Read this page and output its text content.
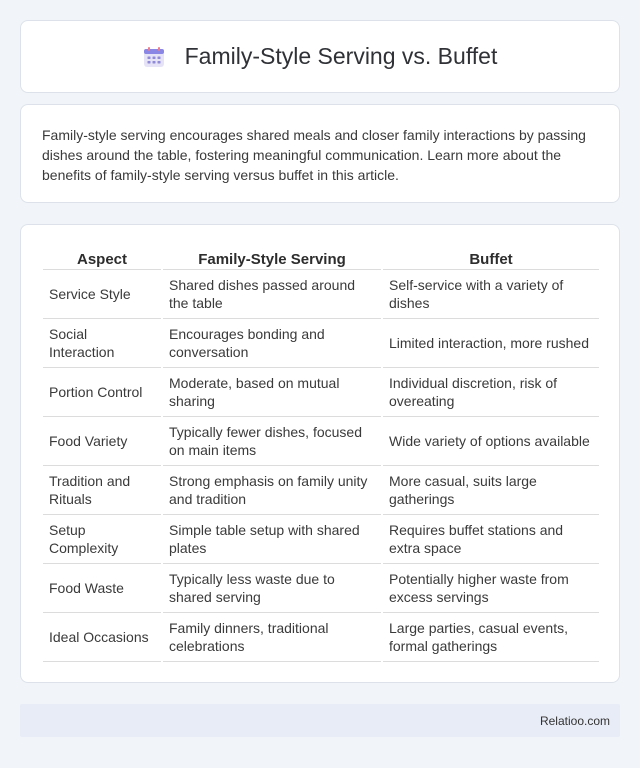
Family-Style Serving vs. Buffet

Family-style serving encourages shared meals and closer family interactions by passing dishes around the table, fostering meaningful communication. Learn more about the benefits of family-style serving versus buffet in this article.

Aspect	Family-Style Serving	Buffet
Service Style	Shared dishes passed around the table	Self-service with a variety of dishes
Social Interaction	Encourages bonding and conversation	Limited interaction, more rushed
Portion Control	Moderate, based on mutual sharing	Individual discretion, risk of overeating
Food Variety	Typically fewer dishes, focused on main items	Wide variety of options available
Tradition and Rituals	Strong emphasis on family unity and tradition	More casual, suits large gatherings
Setup Complexity	Simple table setup with shared plates	Requires buffet stations and extra space
Food Waste	Typically less waste due to shared serving	Potentially higher waste from excess servings
Ideal Occasions	Family dinners, traditional celebrations	Large parties, casual events, formal gatherings
Relatioo.com
